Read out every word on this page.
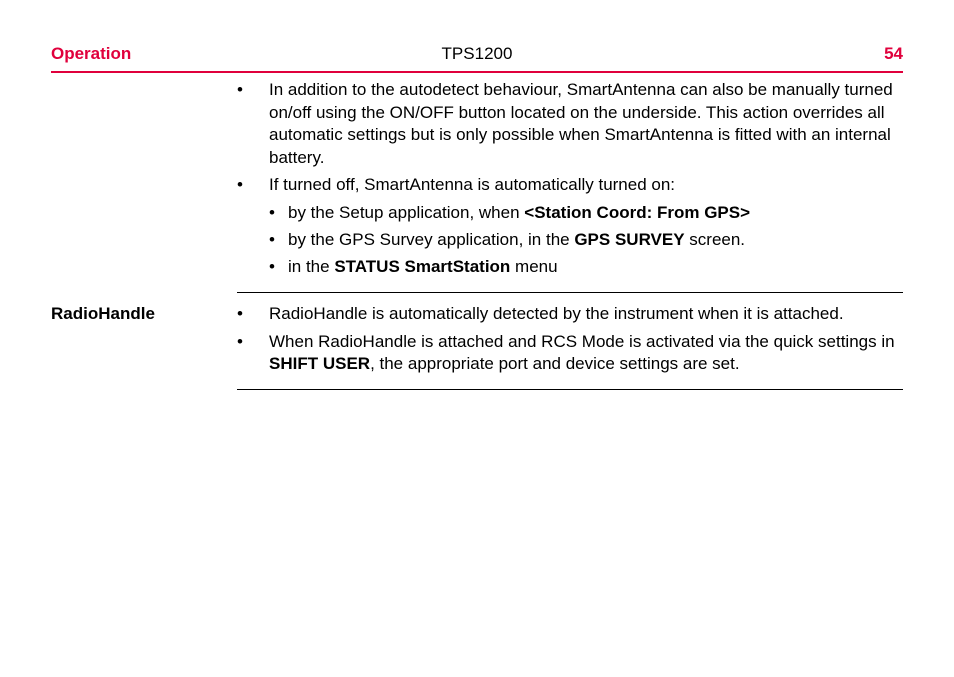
Operation	TPS1200	54
• In addition to the autodetect behaviour, SmartAntenna can also be manually turned on/off using the ON/OFF button located on the underside. This action overrides all automatic settings but is only possible when SmartAntenna is fitted with an internal battery.
• If turned off, SmartAntenna is automatically turned on:
• by the Setup application, when <Station Coord: From GPS>
• by the GPS Survey application, in the GPS SURVEY screen.
• in the STATUS SmartStation menu
RadioHandle	• RadioHandle is automatically detected by the instrument when it is attached.
• When RadioHandle is attached and RCS Mode is activated via the quick settings in SHIFT USER, the appropriate port and device settings are set.
